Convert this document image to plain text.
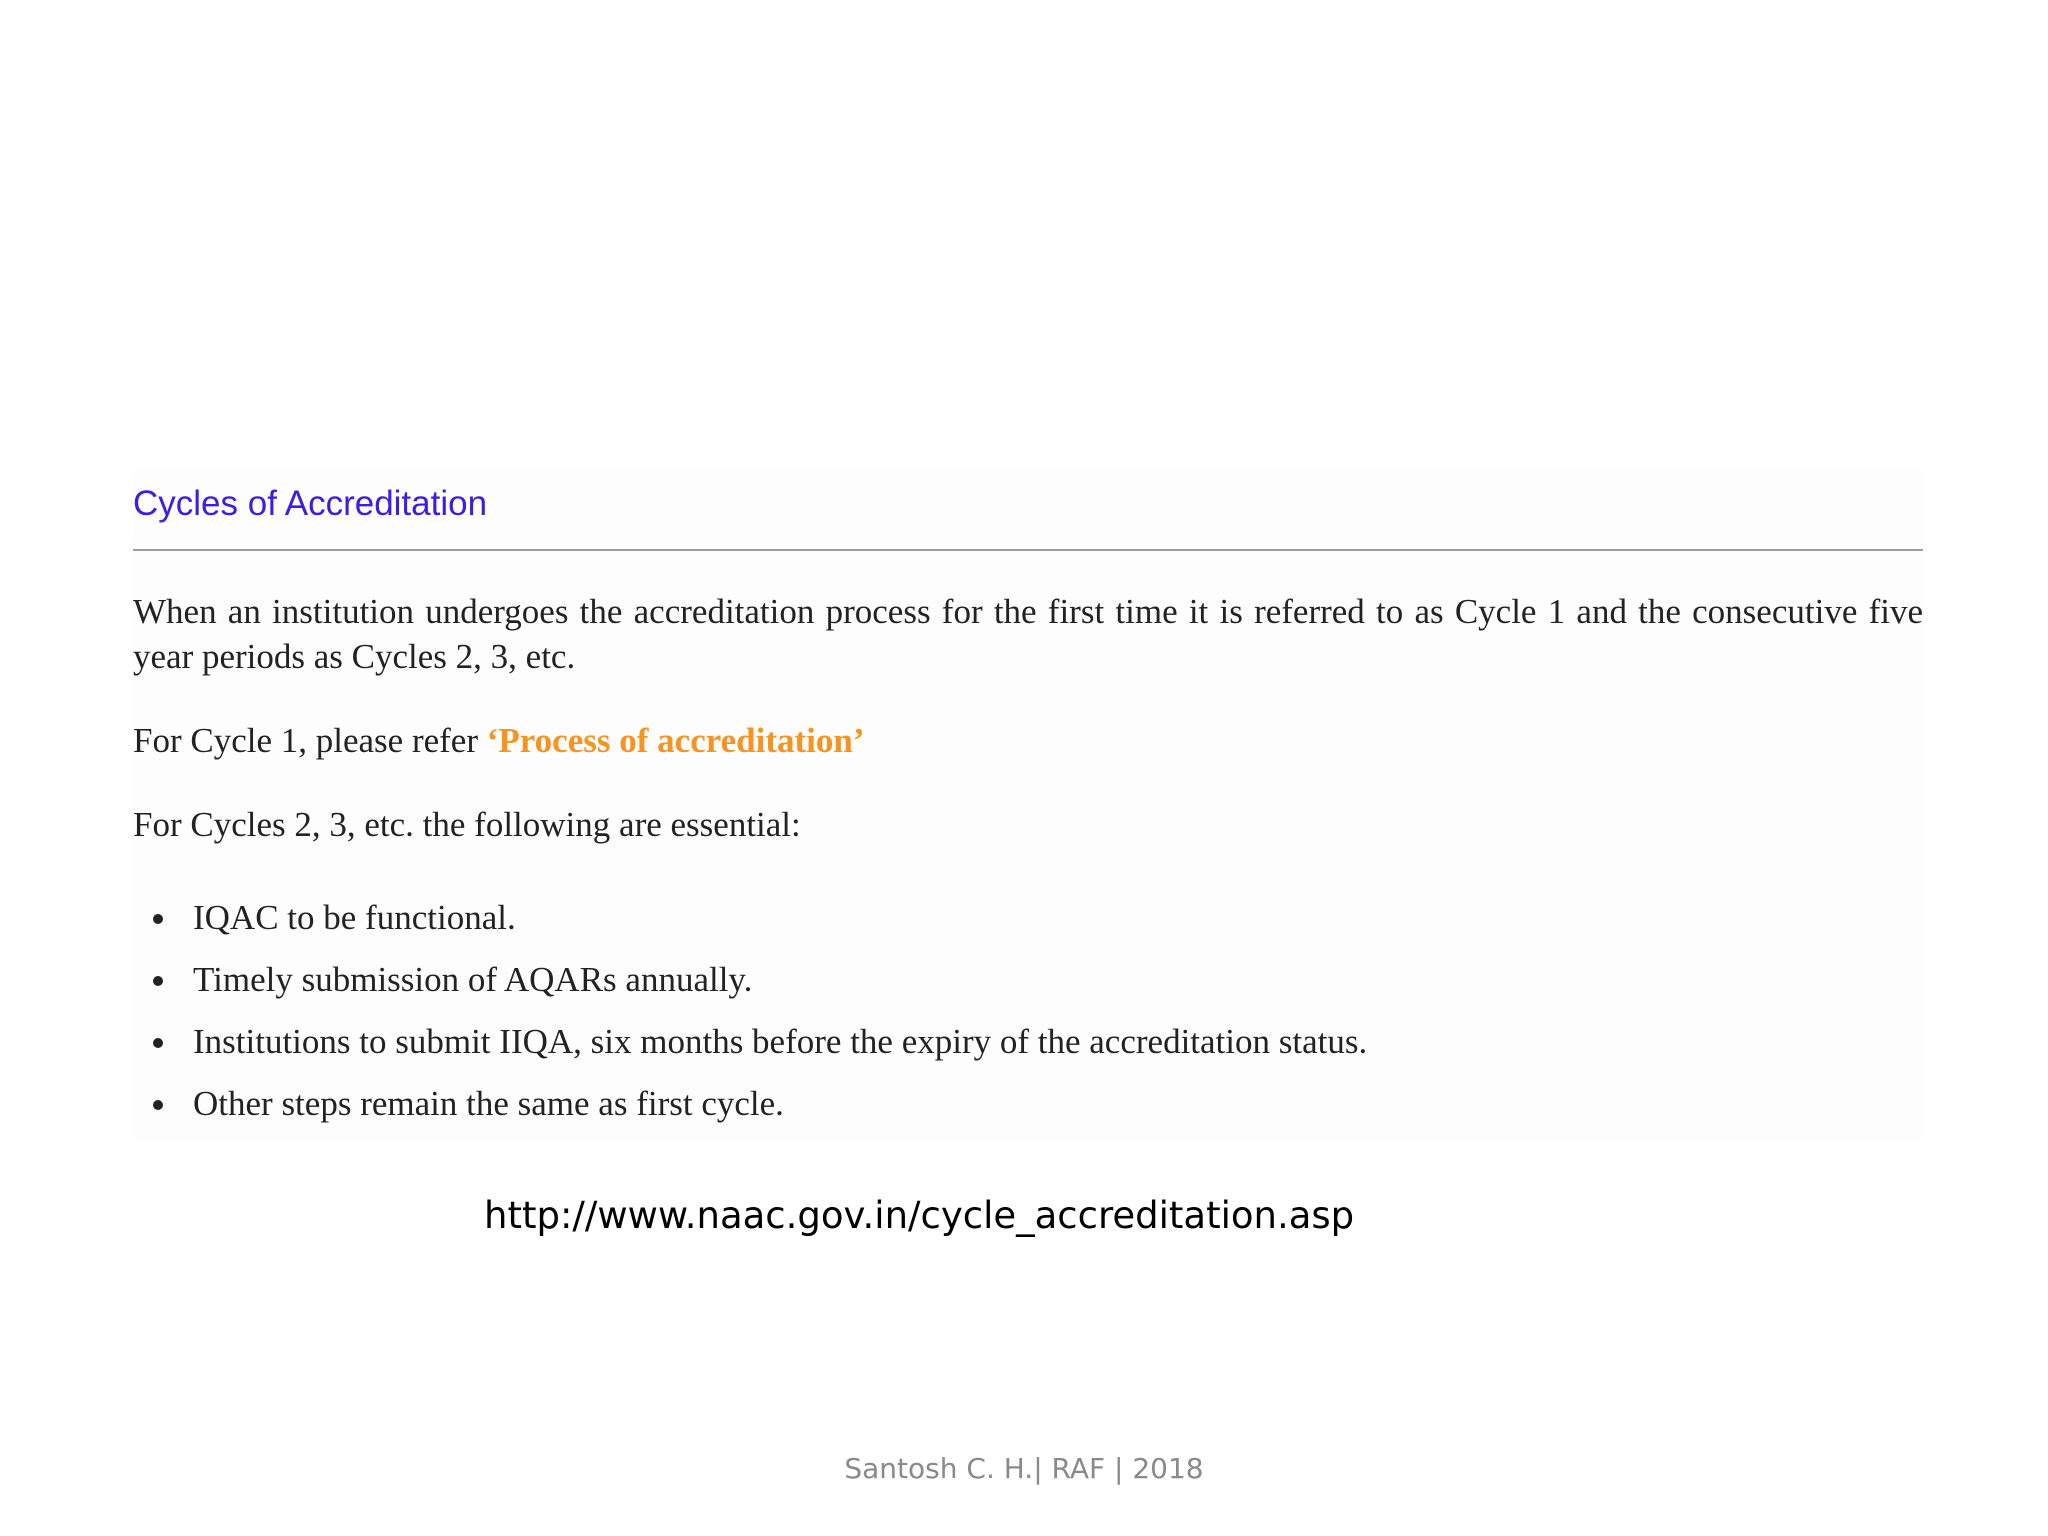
Cycles of Accreditation

When an institution undergoes the accreditation process for the first time it is referred to as Cycle 1 and the consecutive five year periods as Cycles 2, 3, etc.

For Cycle 1, please refer ‘Process of accreditation’

For Cycles 2, 3, etc. the following are essential:

IQAC to be functional.
Timely submission of AQARs annually.
Institutions to submit IIQA, six months before the expiry of the accreditation status.
Other steps remain the same as first cycle.
http://www.naac.gov.in/cycle_accreditation.asp
Santosh C. H.| RAF | 2018
